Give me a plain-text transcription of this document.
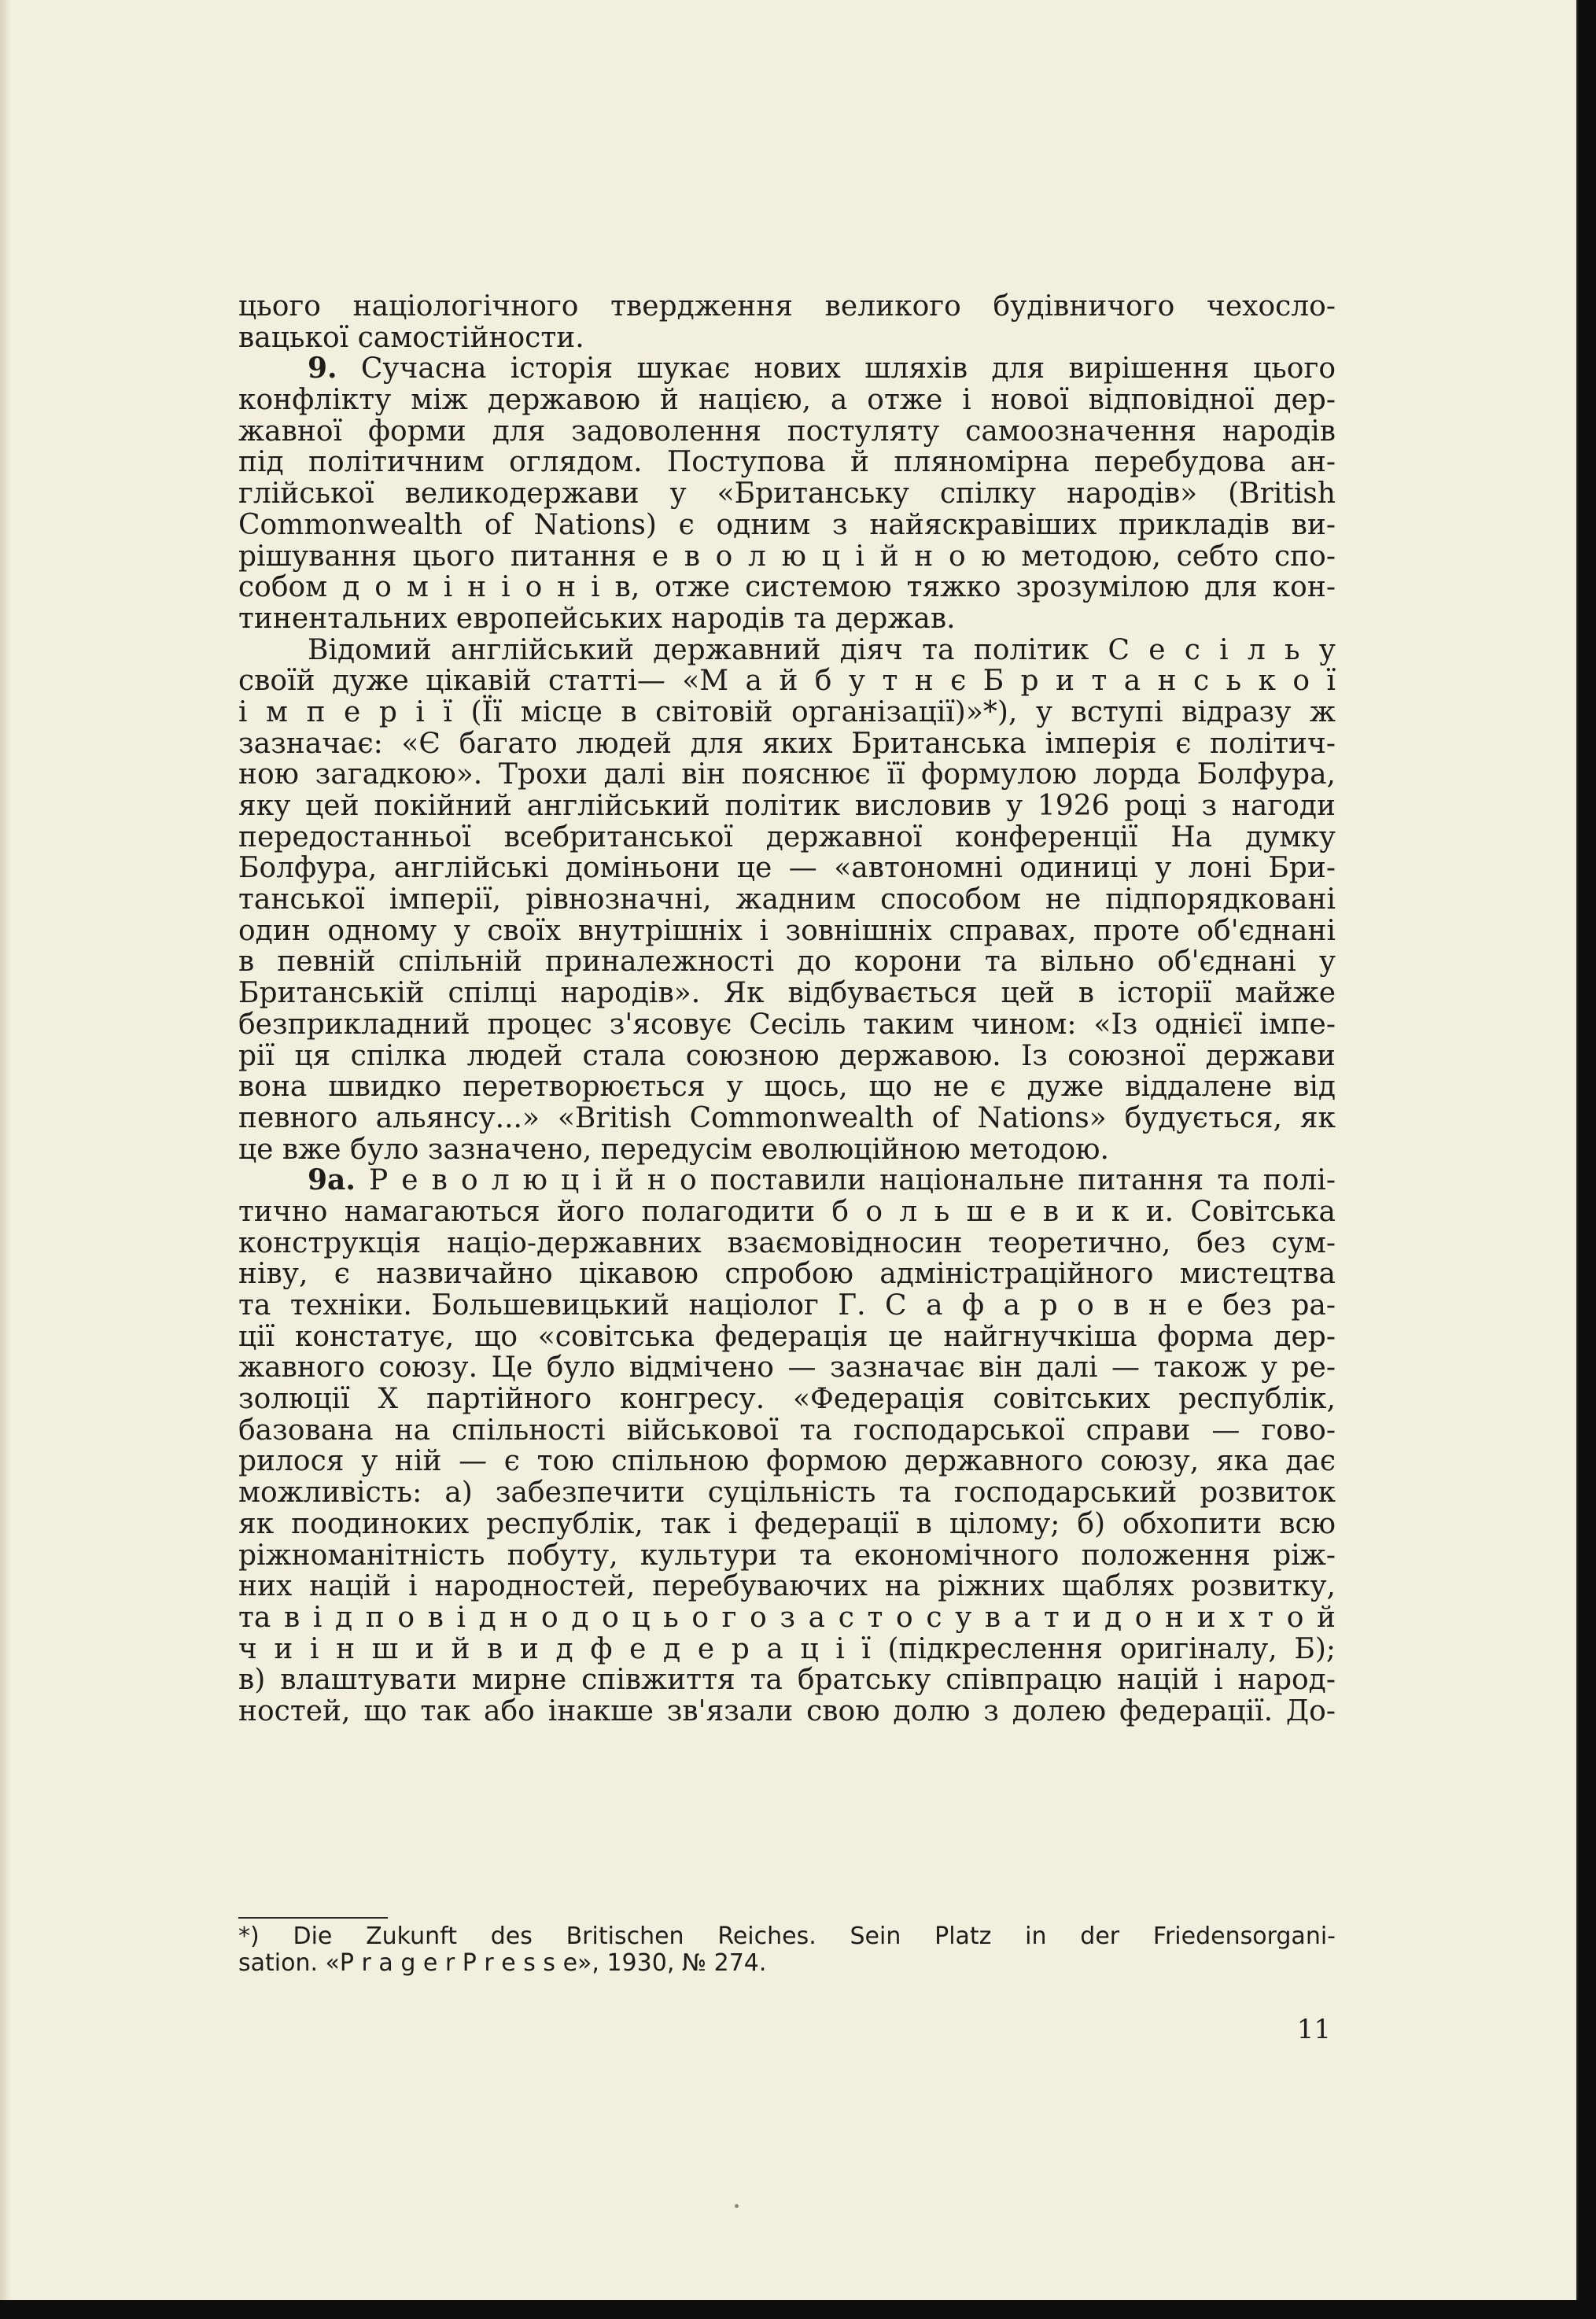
цього націологічного твердження великого будівничого чехосло-
вацької самостійности.
9. Сучасна історія шукає нових шляхів для вирішення цього
конфлікту між державою й нацією, а отже і нової відповідної дер-
жавної форми для задоволення постуляту самоозначення народів
під політичним оглядом. Поступова й пляномірна перебудова ан-
глійської великодержави у «Британську спілку народів» (British
Commonwealth of Nations) є одним з найяскравіших прикладів ви-
рішування цього питання е в о л ю ц і й н о ю методою, себто спо-
собом д о м і н і о н і в, отже системою тяжко зрозумілою для кон-
тинентальних европейських народів та держав.
Відомий англійський державний діяч та політик С е с і л ь у
своїй дуже цікавій статті— «М а й б у т н є Б р и т а н с ь к о ї
і м п е р і ї (Її місце в світовій організації)»*), у вступі відразу ж
зазначає: «Є багато людей для яких Британська імперія є політич-
ною загадкою». Трохи далі він пояснює її формулою лорда Болфура,
яку цей покійний англійський політик висловив у 1926 році з нагоди
передостанньої всебританської державної конференції На думку
Болфура, англійські доміньони це — «автономні одиниці у лоні Бри-
танської імперії, рівнозначні, жадним способом не підпорядковані
один одному у своїх внутрішніх і зовнішніх справах, проте об'єднані
в певній спільній приналежності до корони та вільно об'єднані у
Британській спілці народів». Як відбувається цей в історії майже
безприкладний процес з'ясовує Сесіль таким чином: «Із однієї імпе-
рії ця спілка людей стала союзною державою. Із союзної держави
вона швидко перетворюється у щось, що не є дуже віддалене від
певного альянсу...» «British Commonwealth of Nations» будується, як
це вже було зазначено, передусім еволюційною методою.
9а. Р е в о л ю ц і й н о поставили національне питання та полі-
тично намагаються його полагодити б о л ь ш е в и к и. Совітська
конструкція націо-державних взаємовідносин теоретично, без сум-
ніву, є назвичайно цікавою спробою адміністраційного мистецтва
та техніки. Большевицький націолог Г. С а ф а р о в н е без ра-
ції констатує, що «совітська федерація це найгнучкіша форма дер-
жавного союзу. Це було відмічено — зазначає він далі — також у ре-
золюції X партійного конгресу. «Федерація совітських республік,
базована на спільності військової та господарської справи — гово-
рилося у ній — є тою спільною формою державного союзу, яка дає
можливість: а) забезпечити суцільність та господарський розвиток
як поодиноких республік, так і федерації в цілому; б) обхопити всю
ріжноманітність побуту, культури та економічного положення ріж-
них націй і народностей, перебуваючих на ріжних щаблях розвитку,
та в і д п о в і д н о д о ц ь о г о з а с т о с у в а т и д о н и х т о й
ч и і н ш и й в и д ф е д е р а ц і ї (підкреслення оригіналу, Б);
в) влаштувати мирне співжиття та братську співпрацю націй і народ-
ностей, що так або інакше зв'язали свою долю з долею федерації. До-
*) Die Zukunft des Britischen Reiches. Sein Platz in der Friedensorgani-
sation. «P r a g e r P r e s s e», 1930, № 274.
11
